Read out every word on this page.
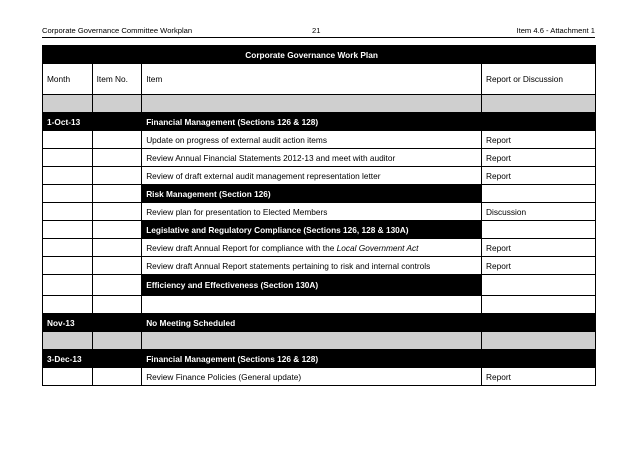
Corporate Governance Committee Workplan	21	Item 4.6 - Attachment 1
		Corporate Governance Work Plan	
Month	Item No.	Item	Report or Discussion

1-Oct-13		Financial Management (Sections 126 & 128)	
		Update on progress of external audit action items	Report
		Review Annual Financial Statements 2012-13 and meet with auditor	Report
		Review of draft external audit management representation letter	Report
		Risk Management (Section 126)	
		Review plan for presentation to Elected Members	Discussion
		Legislative and Regulatory Compliance (Sections 126, 128 & 130A)	
		Review draft Annual Report for compliance with the Local Government Act	Report
		Review draft Annual Report statements pertaining to risk and internal controls	Report
		Efficiency and Effectiveness (Section 130A)	

Nov-13		No Meeting Scheduled	

3-Dec-13		Financial Management (Sections 126 & 128)	
		Review Finance Policies (General update)	Report
